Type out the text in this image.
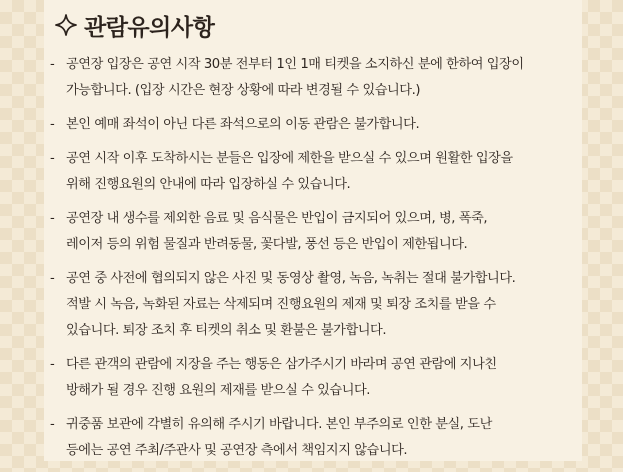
관람유의사항
- 공연장 입장은 공연 시작 30분 전부터 1인 1매 티켓을 소지하신 분에 한하여 입장이
가능합니다. (입장 시간은 현장 상황에 따라 변경될 수 있습니다.)
- 본인 예매 좌석이 아닌 다른 좌석으로의 이동 관람은 불가합니다.
- 공연 시작 이후 도착하시는 분들은 입장에 제한을 받으실 수 있으며 원활한 입장을
위해 진행요원의 안내에 따라 입장하실 수 있습니다.
- 공연장 내 생수를 제외한 음료 및 음식물은 반입이 금지되어 있으며, 병, 폭죽,
레이저 등의 위험 물질과 반려동물, 꽃다발, 풍선 등은 반입이 제한됩니다.
- 공연 중 사전에 협의되지 않은 사진 및 동영상 촬영, 녹음, 녹취는 절대 불가합니다.
적발 시 녹음, 녹화된 자료는 삭제되며 진행요원의 제재 및 퇴장 조치를 받을 수
있습니다. 퇴장 조치 후 티켓의 취소 및 환불은 불가합니다.
- 다른 관객의 관람에 지장을 주는 행동은 삼가주시기 바라며 공연 관람에 지나친
방해가 될 경우 진행 요원의 제재를 받으실 수 있습니다.
- 귀중품 보관에 각별히 유의해 주시기 바랍니다. 본인 부주의로 인한 분실, 도난
등에는 공연 주최/주관사 및 공연장 측에서 책임지지 않습니다.
